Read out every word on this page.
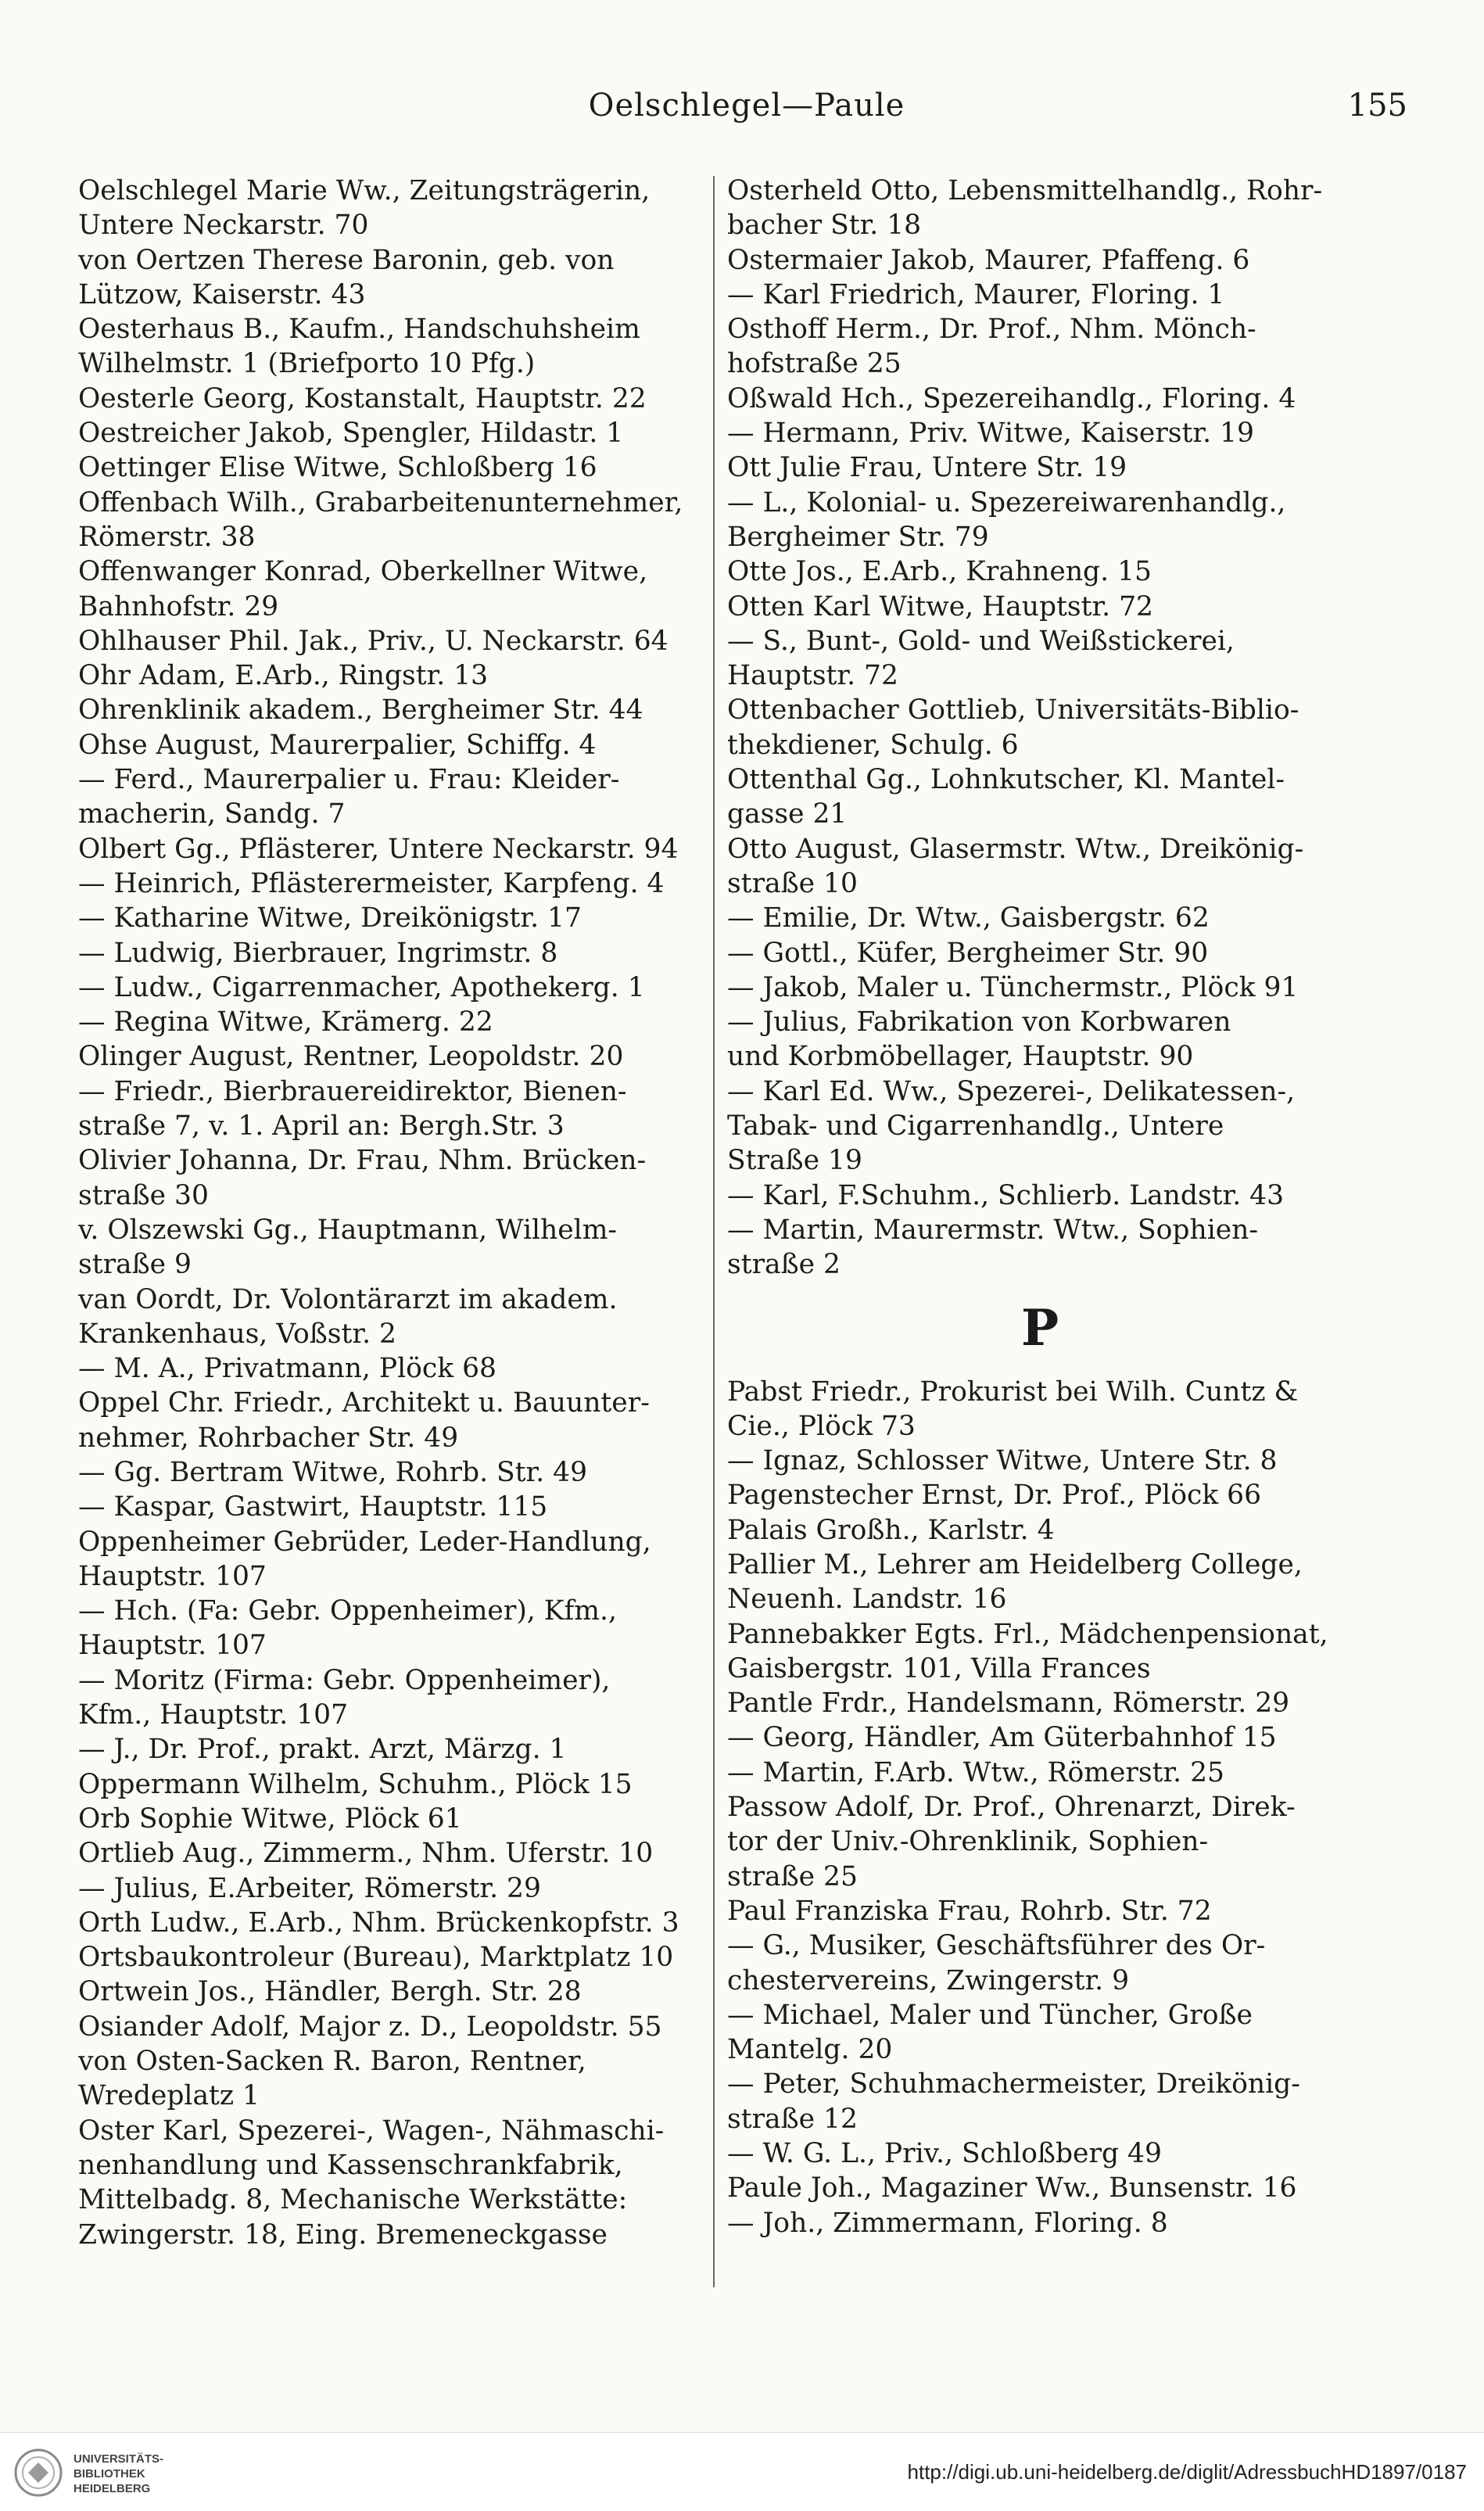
Oelschlegel—Paule	155
Oelschlegel Marie Ww., Zeitungsträgerin,
Untere Neckarstr. 70
von Oertzen Therese Baronin, geb. von
Lützow, Kaiserstr. 43
Oesterhaus B., Kaufm., Handschuhsheim
Wilhelmstr. 1 (Briefporto 10 Pfg.)
Oesterle Georg, Kostanstalt, Hauptstr. 22
Oestreicher Jakob, Spengler, Hildastr. 1
Oettinger Elise Witwe, Schloßberg 16
Offenbach Wilh., Grabarbeitenunternehmer,
Römerstr. 38
Offenwanger Konrad, Oberkellner Witwe,
Bahnhofstr. 29
Ohlhauser Phil. Jak., Priv., U. Neckarstr. 64
Ohr Adam, E.Arb., Ringstr. 13
Ohrenklinik akadem., Bergheimer Str. 44
Ohse August, Maurerpalier, Schiffg. 4
— Ferd., Maurerpalier u. Frau: Kleider-
macherin, Sandg. 7
Olbert Gg., Pflästerer, Untere Neckarstr. 94
— Heinrich, Pflästerermeister, Karpfeng. 4
— Katharine Witwe, Dreikönigstr. 17
— Ludwig, Bierbrauer, Ingrimstr. 8
— Ludw., Cigarrenmacher, Apothekerg. 1
— Regina Witwe, Krämerg. 22
Olinger August, Rentner, Leopoldstr. 20
— Friedr., Bierbrauereidirektor, Bienen-
straße 7, v. 1. April an: Bergh.Str. 3
Olivier Johanna, Dr. Frau, Nhm. Brücken-
straße 30
v. Olszewski Gg., Hauptmann, Wilhelm-
straße 9
van Oordt, Dr. Volontärarzt im akadem.
Krankenhaus, Voßstr. 2
— M. A., Privatmann, Plöck 68
Oppel Chr. Friedr., Architekt u. Bauunter-
nehmer, Rohrbacher Str. 49
— Gg. Bertram Witwe, Rohrb. Str. 49
— Kaspar, Gastwirt, Hauptstr. 115
Oppenheimer Gebrüder, Leder-Handlung,
Hauptstr. 107
— Hch. (Fa: Gebr. Oppenheimer), Kfm.,
Hauptstr. 107
— Moritz (Firma: Gebr. Oppenheimer),
Kfm., Hauptstr. 107
— J., Dr. Prof., prakt. Arzt, Märzg. 1
Oppermann Wilhelm, Schuhm., Plöck 15
Orb Sophie Witwe, Plöck 61
Ortlieb Aug., Zimmerm., Nhm. Uferstr. 10
— Julius, E.Arbeiter, Römerstr. 29
Orth Ludw., E.Arb., Nhm. Brückenkopfstr. 3
Ortsbaukontroleur (Bureau), Marktplatz 10
Ortwein Jos., Händler, Bergh. Str. 28
Osiander Adolf, Major z. D., Leopoldstr. 55
von Osten-Sacken R. Baron, Rentner,
Wredeplatz 1
Oster Karl, Spezerei-, Wagen-, Nähmaschi-
nenhandlung und Kassenschrankfabrik,
Mittelbadg. 8, Mechanische Werkstätte:
Zwingerstr. 18, Eing. Bremeneckgasse
Osterheld Otto, Lebensmittelhandlg., Rohr-
bacher Str. 18
Ostermaier Jakob, Maurer, Pfaffeng. 6
— Karl Friedrich, Maurer, Floring. 1
Osthoff Herm., Dr. Prof., Nhm. Mönch-
hofstraße 25
Oßwald Hch., Spezereihandlg., Floring. 4
— Hermann, Priv. Witwe, Kaiserstr. 19
Ott Julie Frau, Untere Str. 19
— L., Kolonial- u. Spezereiwarenhandlg.,
Bergheimer Str. 79
Otte Jos., E.Arb., Krahneng. 15
Otten Karl Witwe, Hauptstr. 72
— S., Bunt-, Gold- und Weißstickerei,
Hauptstr. 72
Ottenbacher Gottlieb, Universitäts-Biblio-
thekdiener, Schulg. 6
Ottenthal Gg., Lohnkutscher, Kl. Mantel-
gasse 21
Otto August, Glasermstr. Wtw., Dreikönig-
straße 10
— Emilie, Dr. Wtw., Gaisbergstr. 62
— Gottl., Küfer, Bergheimer Str. 90
— Jakob, Maler u. Tünchermstr., Plöck 91
— Julius, Fabrikation von Korbwaren
und Korbmöbellager, Hauptstr. 90
— Karl Ed. Ww., Spezerei-, Delikatessen-,
Tabak- und Cigarrenhandlg., Untere
Straße 19
— Karl, F.Schuhm., Schlierb. Landstr. 43
— Martin, Maurermstr. Wtw., Sophien-
straße 2
P
Pabst Friedr., Prokurist bei Wilh. Cuntz &
Cie., Plöck 73
— Ignaz, Schlosser Witwe, Untere Str. 8
Pagenstecher Ernst, Dr. Prof., Plöck 66
Palais Großh., Karlstr. 4
Pallier M., Lehrer am Heidelberg College,
Neuenh. Landstr. 16
Pannebakker Egts. Frl., Mädchenpensionat,
Gaisbergstr. 101, Villa Frances
Pantle Frdr., Handelsmann, Römerstr. 29
— Georg, Händler, Am Güterbahnhof 15
— Martin, F.Arb. Wtw., Römerstr. 25
Passow Adolf, Dr. Prof., Ohrenarzt, Direk-
tor der Univ.-Ohrenklinik, Sophien-
straße 25
Paul Franziska Frau, Rohrb. Str. 72
— G., Musiker, Geschäftsführer des Or-
chestervereins, Zwingerstr. 9
— Michael, Maler und Tüncher, Große
Mantelg. 20
— Peter, Schuhmachermeister, Dreikönig-
straße 12
— W. G. L., Priv., Schloßberg 49
Paule Joh., Magaziner Ww., Bunsenstr. 16
— Joh., Zimmermann, Floring. 8
UNIVERSITÄTS- BIBLIOTHEK HEIDELBERG
http://digi.ub.uni-heidelberg.de/diglit/AdressbuchHD1897/0187
